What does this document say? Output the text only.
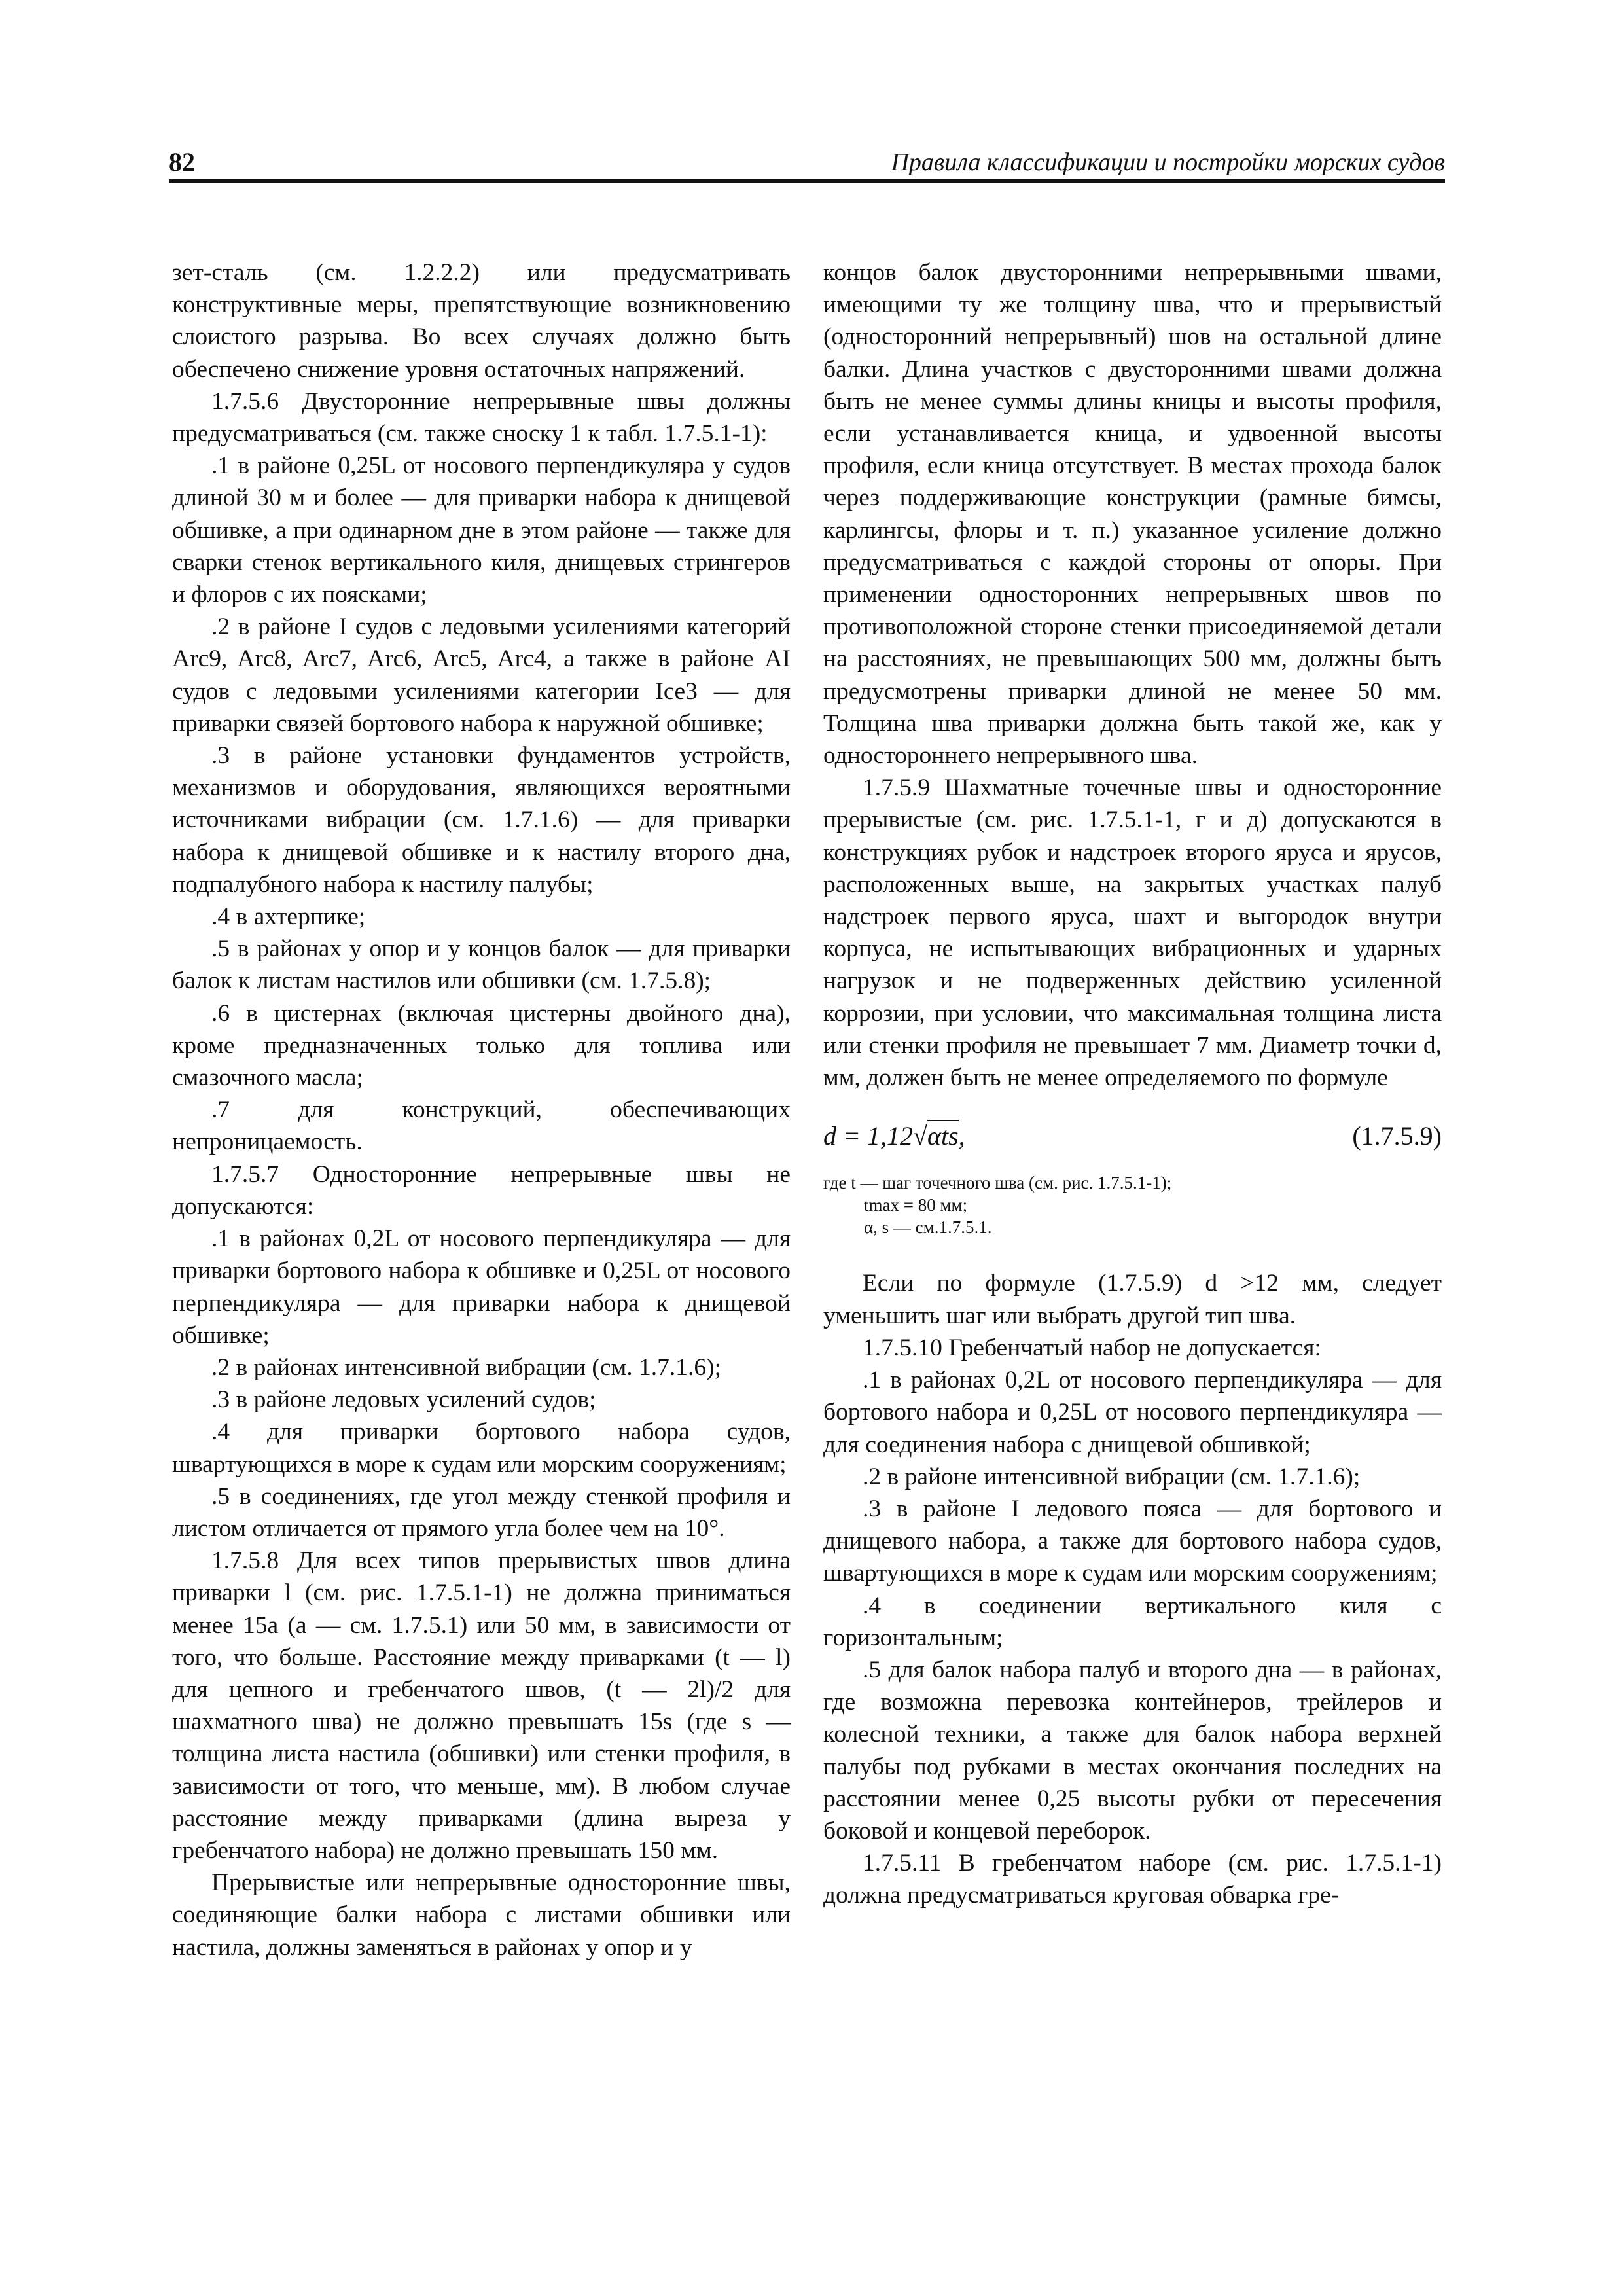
82	Правила классификации и постройки морских судов

зет-сталь (см. 1.2.2.2) или предусматривать конструктивные меры, препятствующие возникновению слоистого разрыва. Во всех случаях должно быть обеспечено снижение уровня остаточных напряжений.

1.7.5.6 Двусторонние непрерывные швы должны предусматриваться (см. также сноску 1 к табл. 1.7.5.1-1):

.1 в районе 0,25L от носового перпендикуляра у судов длиной 30 м и более — для приварки набора к днищевой обшивке, а при одинарном дне в этом районе — также для сварки стенок вертикального киля, днищевых стрингеров и флоров с их поясками;

.2 в районе I судов с ледовыми усилениями категорий Arc9, Arc8, Arc7, Arc6, Arc5, Arc4, а также в районе AI судов с ледовыми усилениями категории Ice3 — для приварки связей бортового набора к наружной обшивке;

.3 в районе установки фундаментов устройств, механизмов и оборудования, являющихся вероятными источниками вибрации (см. 1.7.1.6) — для приварки набора к днищевой обшивке и к настилу второго дна, подпалубного набора к настилу палубы;

.4 в ахтерпике;

.5 в районах у опор и у концов балок — для приварки балок к листам настилов или обшивки (см. 1.7.5.8);

.6 в цистернах (включая цистерны двойного дна), кроме предназначенных только для топлива или смазочного масла;

.7 для конструкций, обеспечивающих непроницаемость.

1.7.5.7 Односторонние непрерывные швы не допускаются:

.1 в районах 0,2L от носового перпендикуляра — для приварки бортового набора к обшивке и 0,25L от носового перпендикуляра — для приварки набора к днищевой обшивке;

.2 в районах интенсивной вибрации (см. 1.7.1.6);

.3 в районе ледовых усилений судов;

.4 для приварки бортового набора судов, швартующихся в море к судам или морским сооружениям;

.5 в соединениях, где угол между стенкой профиля и листом отличается от прямого угла более чем на 10°.

1.7.5.8 Для всех типов прерывистых швов длина приварки l (см. рис. 1.7.5.1-1) не должна приниматься менее 15a (a — см. 1.7.5.1) или 50 мм, в зависимости от того, что больше. Расстояние между приварками (t — l) для цепного и гребенчатого швов, (t — 2l)/2 для шахматного шва) не должно превышать 15s (где s — толщина листа настила (обшивки) или стенки профиля, в зависимости от того, что меньше, мм). В любом случае расстояние между приварками (длина выреза у гребенчатого набора) не должно превышать 150 мм.

Прерывистые или непрерывные односторонние швы, соединяющие балки набора с листами обшивки или настила, должны заменяться в районах у опор и у

концов балок двусторонними непрерывными швами, имеющими ту же толщину шва, что и прерывистый (односторонний непрерывный) шов на остальной длине балки. Длина участков с двусторонними швами должна быть не менее суммы длины кницы и высоты профиля, если устанавливается кница, и удвоенной высоты профиля, если кница отсутствует. В местах прохода балок через поддерживающие конструкции (рамные бимсы, карлингсы, флоры и т. п.) указанное усиление должно предусматриваться с каждой стороны от опоры. При применении односторонних непрерывных швов по противоположной стороне стенки присоединяемой детали на расстояниях, не превышающих 500 мм, должны быть предусмотрены приварки длиной не менее 50 мм. Толщина шва приварки должна быть такой же, как у одностороннего непрерывного шва.

1.7.5.9 Шахматные точечные швы и односторонние прерывистые (см. рис. 1.7.5.1-1, г и д) допускаются в конструкциях рубок и надстроек второго яруса и ярусов, расположенных выше, на закрытых участках палуб надстроек первого яруса, шахт и выгородок внутри корпуса, не испытывающих вибрационных и ударных нагрузок и не подверженных действию усиленной коррозии, при условии, что максимальная толщина листа или стенки профиля не превышает 7 мм. Диаметр точки d, мм, должен быть не менее определяемого по формуле

d = 1,12√αts,	(1.7.5.9)

где t — шаг точечного шва (см. рис. 1.7.5.1-1);

tmax = 80 мм;

α, s — см.1.7.5.1.

Если по формуле (1.7.5.9) d >12 мм, следует уменьшить шаг или выбрать другой тип шва.

1.7.5.10 Гребенчатый набор не допускается:

.1 в районах 0,2L от носового перпендикуляра — для бортового набора и 0,25L от носового перпендикуляра — для соединения набора с днищевой обшивкой;

.2 в районе интенсивной вибрации (см. 1.7.1.6);

.3 в районе I ледового пояса — для бортового и днищевого набора, а также для бортового набора судов, швартующихся в море к судам или морским сооружениям;

.4 в соединении вертикального киля с горизонтальным;

.5 для балок набора палуб и второго дна — в районах, где возможна перевозка контейнеров, трейлеров и колесной техники, а также для балок набора верхней палубы под рубками в местах окончания последних на расстоянии менее 0,25 высоты рубки от пересечения боковой и концевой переборок.

1.7.5.11 В гребенчатом наборе (см. рис. 1.7.5.1-1) должна предусматриваться круговая обварка гре-
